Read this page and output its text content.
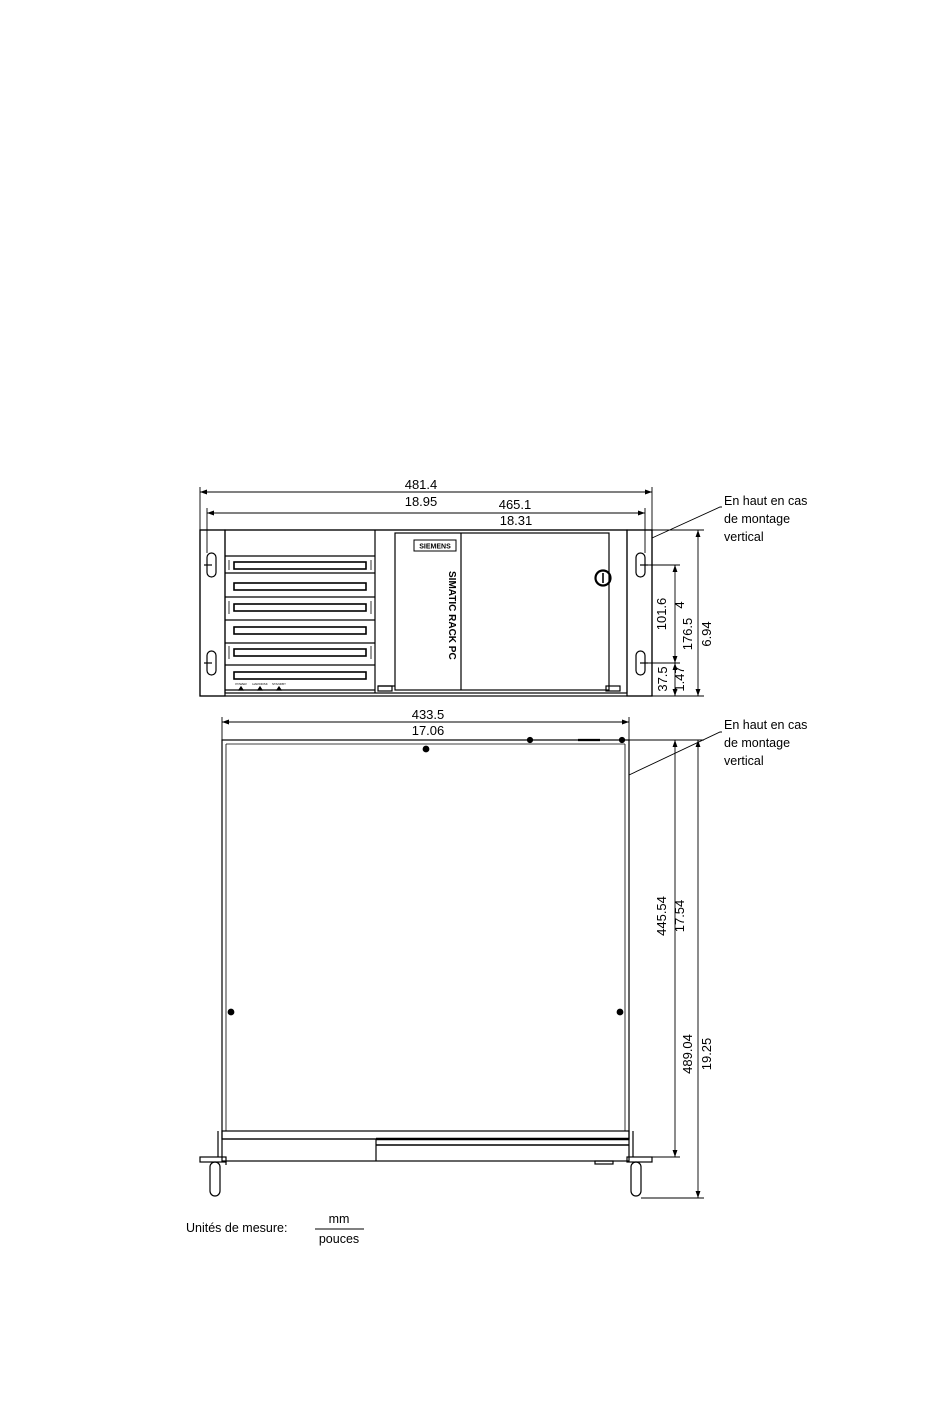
SIEMENS
SIMATIC RACK PC
POWER HARDDISK STANDBY
481.4
18.95	465.1
18.31
101.6 4
176.5 6.94
37.5 1.47
En haut en cas
de montage
vertical
433.5
17.06
445.54 17.54
489.04 19.25
En haut en cas
de montage
vertical
Unités de mesure:
mm
pouces
